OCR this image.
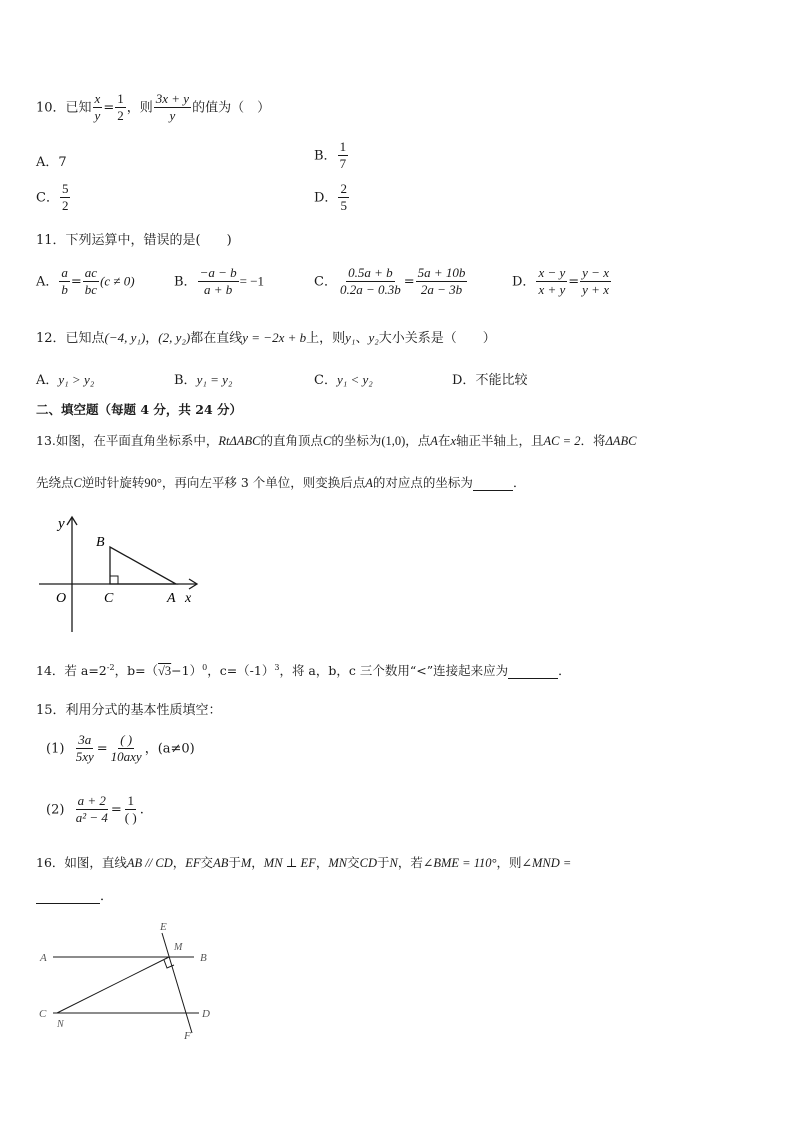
10．已知 $\frac{x}{y} = \frac{1}{2}$ ，则 $\frac{3x + y}{y}$ 的值为（　）
A．7	B． $\frac{1}{7}$
C． $\frac{5}{2}$	D． $\frac{2}{5}$
11．下列运算中，错误的是(　　)
A． $\frac{a}{b} = \frac{ac}{bc} (c \ne 0)$	B． $\frac{-a - b}{a + b} = -1$	C． $\frac{0.5a + b}{0.2a - 0.3b} = \frac{5a + 10b}{2a - 3b}$	D． $\frac{x - y}{x + y} = \frac{y - x}{y + x}$
12．已知点(−4, y₁)，(2, y₂)都在直线y = −2x + b上，则y₁、y₂大小关系是（　　）
A．y₁ > y₂	B．y₁ = y₂	C．y₁ < y₂	D．不能比较
二、填空题（每题 4 分，共 24 分）
13.如图，在平面直角坐标系中，RtΔABC的直角顶点C的坐标为(1,0)，点A在x轴正半轴上，且AC = 2．将ΔABC
先绕点C逆时针旋转90°，再向左平移 3 个单位，则变换后点A的对应点的坐标为	．
y
B
O	C	A x
14．若 $a=2^{-2}$，$b=(√3-1)^0$，$c=(-1)^3$，将 a，b，c 三个数用“<”连接起来应为	．
15．利用分式的基本性质填空：
$(1) \frac{3a}{5xy} = \frac{( )}{\text{10axy}}$ ，(a≠0)
$(2) \frac{a + 2}{\text{a² − 4}} = \frac{1}{( )}$ .
16．如图，直线AB // CD，EF交AB于M，MN ⊥ EF，MN交CD于N，若∠BME = 110°，则∠MND =
．
E
M
A	B
C
N
D
F
